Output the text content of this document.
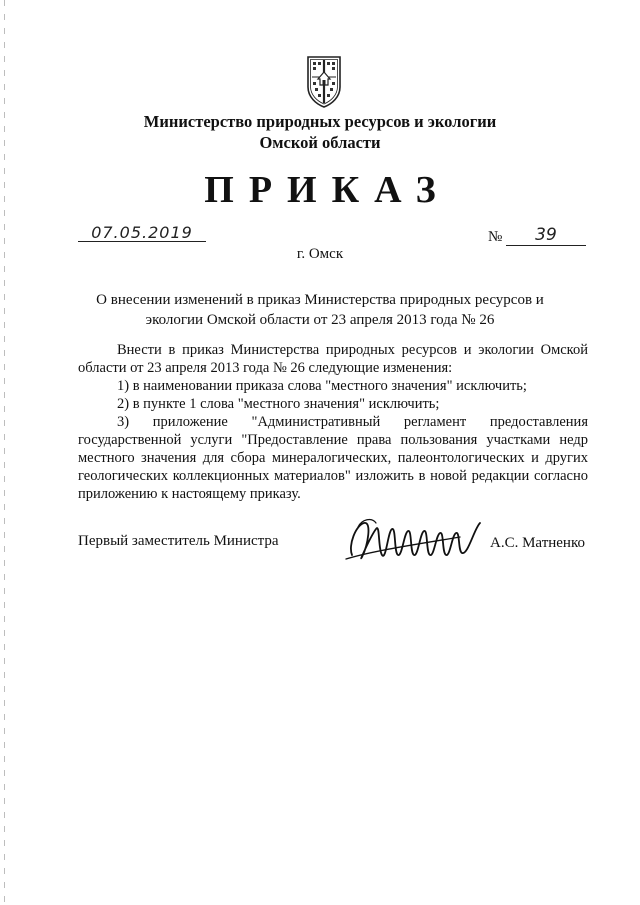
Министерство природных ресурсов и экологии
Омской области
ПРИКАЗ
07.05.2019	№	39
г. Омск
О внесении изменений в приказ Министерства природных ресурсов и
экологии Омской области от 23 апреля 2013 года № 26

Внести в приказ Министерства природных ресурсов и экологии Омской области от 23 апреля 2013 года № 26 следующие изменения:

1) в наименовании приказа слова "местного значения" исключить;

2) в пункте 1 слова "местного значения" исключить;

3) приложение "Административный регламент предоставления государственной услуги "Предоставление права пользования участками недр местного значения для сбора минералогических, палеонтологических и других геологических коллекционных материалов" изложить в новой редакции согласно приложению к настоящему приказу.

Первый заместитель Министра	А.С. Матненко
